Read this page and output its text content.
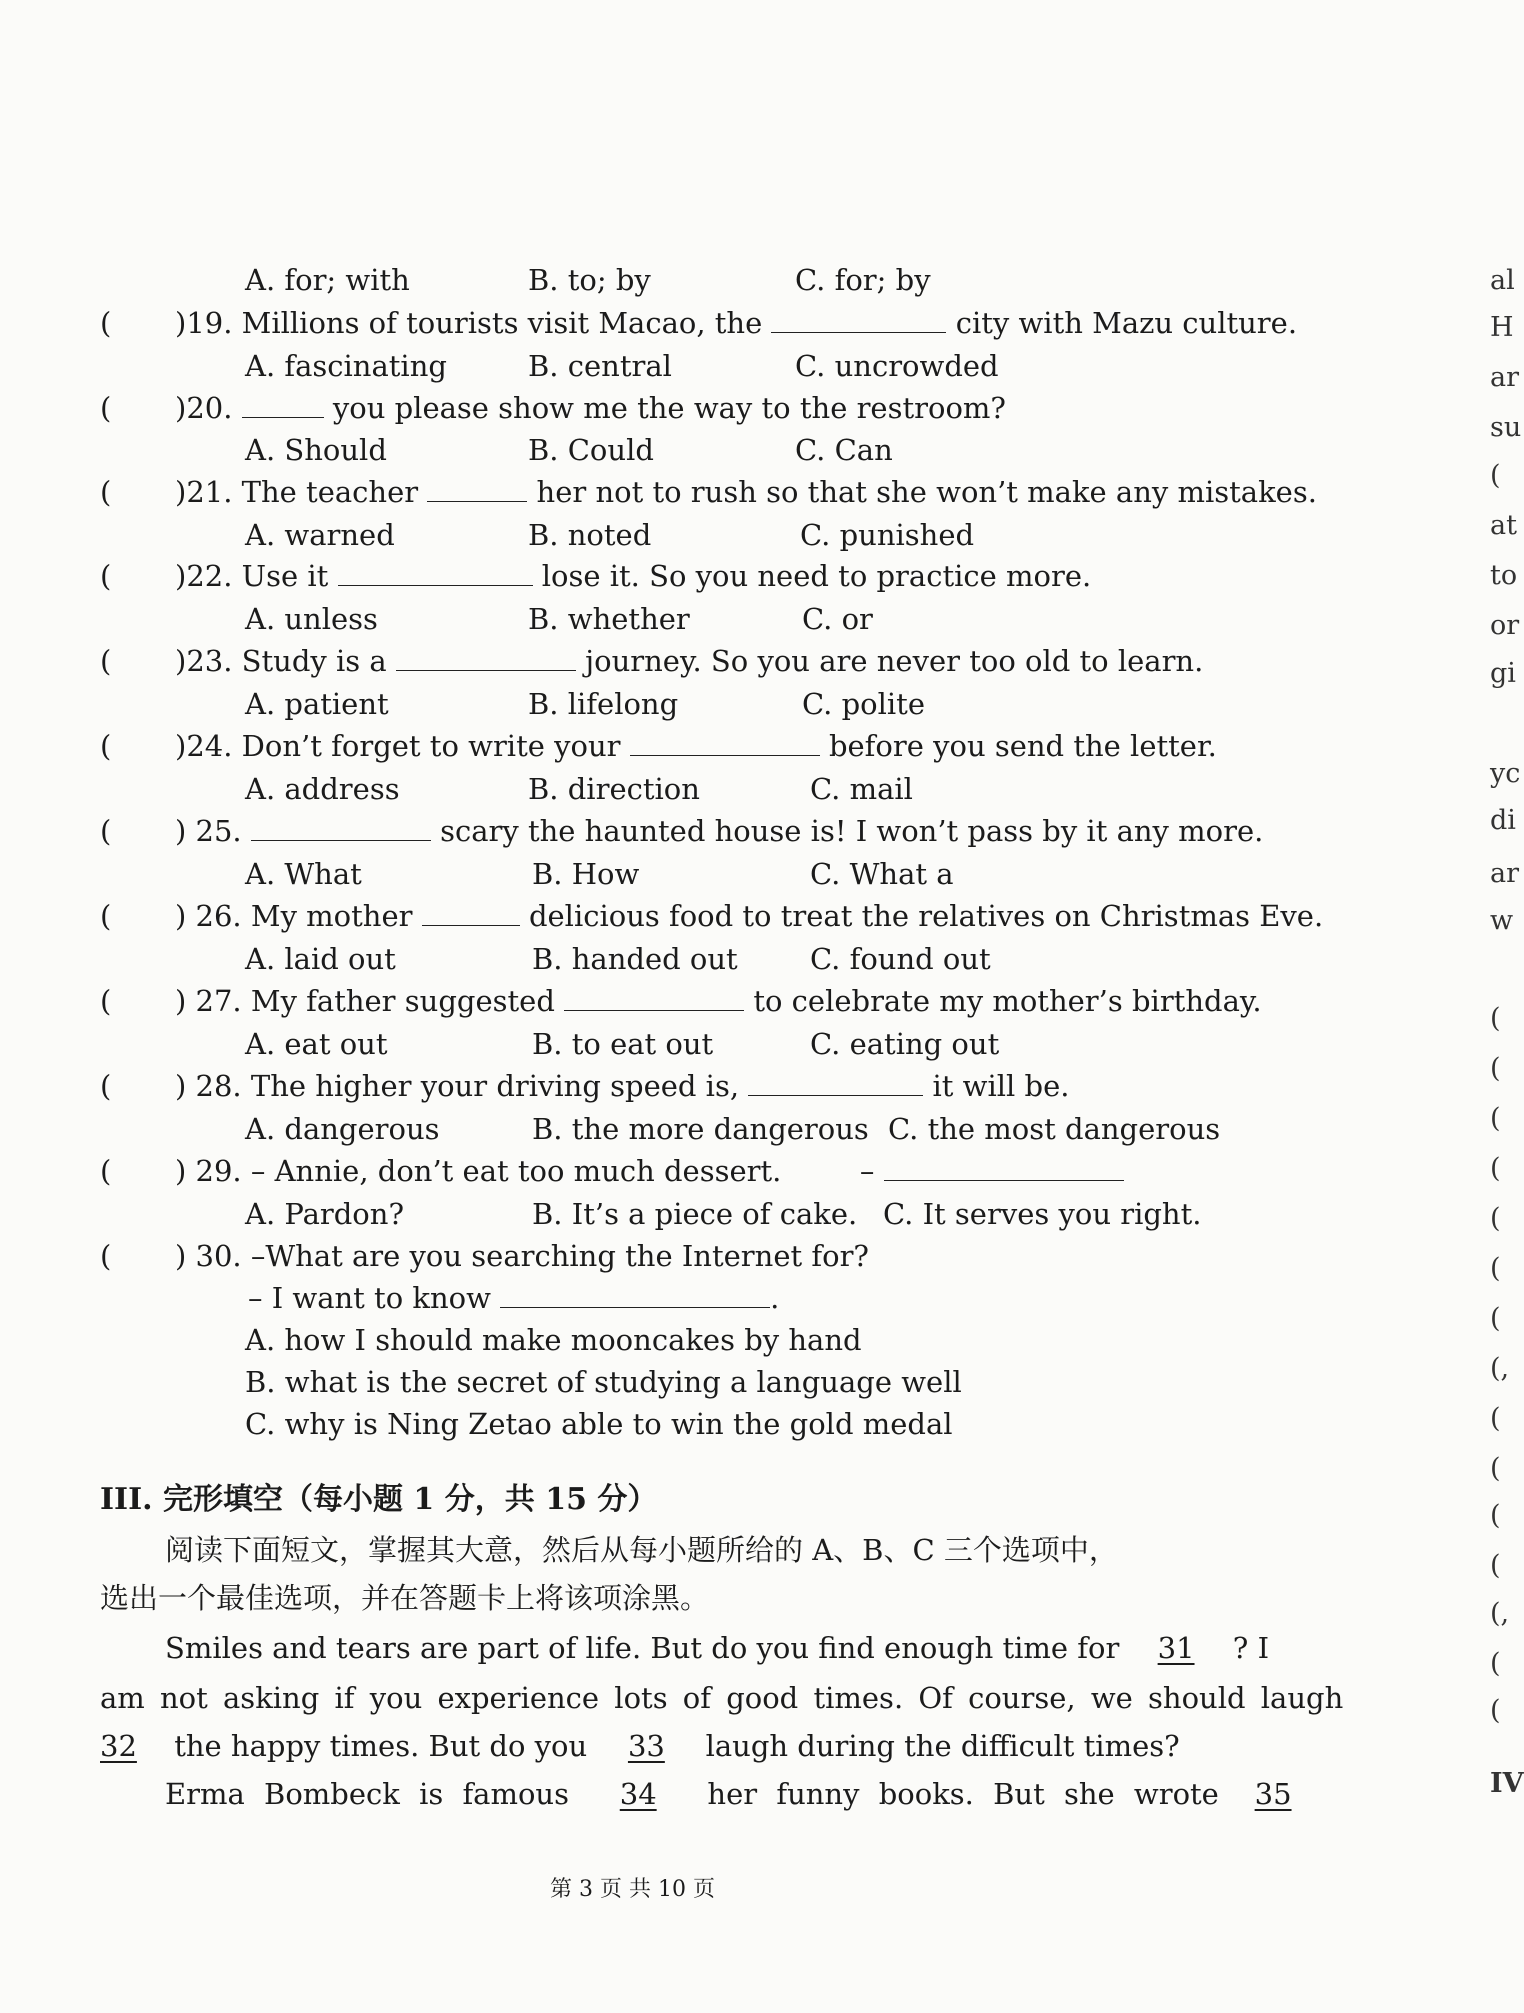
A. for; with	B. to; by	C. for; by
( )19. Millions of tourists visit Macao, the	city with Mazu culture.
A. fascinating	B. central	C. uncrowded
( )20.	you please show me the way to the restroom?
A. Should	B. Could	C. Can
( )21. The teacher	her not to rush so that she won’t make any mistakes.
A. warned	B. noted	C. punished
( )22. Use it	lose it. So you need to practice more.
A. unless	B. whether	C. or
( )23. Study is a	journey. So you are never too old to learn.
A. patient	B. lifelong	C. polite
( )24. Don’t forget to write your	before you send the letter.
A. address	B. direction	C. mail
( ) 25.	scary the haunted house is! I won’t pass by it any more.
A. What	B. How	C. What a
( ) 26. My mother	delicious food to treat the relatives on Christmas Eve.
A. laid out	B. handed out C. found out
( ) 27. My father suggested	to celebrate my mother’s birthday.
A. eat out	B. to eat out	C. eating out
( ) 28. The higher your driving speed is,	it will be.
A. dangerous	B. the more dangerous C. the most dangerous
( ) 29. – Annie, don’t eat too much dessert.	–
A. Pardon?	B. It’s a piece of cake. C. It serves you right.
( ) 30. –What are you searching the Internet for?
– I want to know	.
A. how I should make mooncakes by hand
B. what is the secret of studying a language well
C. why is Ning Zetao able to win the gold medal
III. 完形填空（每小题 1 分，共 15 分）
阅读下面短文，掌握其大意，然后从每小题所给的 A、B、C 三个选项中，
选出一个最佳选项，并在答题卡上将该项涂黑。
Smiles and tears are part of life. But do you find enough time for 31 ? I
am not asking if you experience lots of good times. Of course, we should laugh
32 the happy times. But do you 33 laugh during the difficult times?
Erma Bombeck is famous 34 her funny books. But she wrote 35
第 3 页 共 10 页
al
H
ar
su
(
at
to
or
gi
yc
di
ar
w
(
(
(
(
(
(
(
(,
(
(
(
(
(,
(
(
IV
